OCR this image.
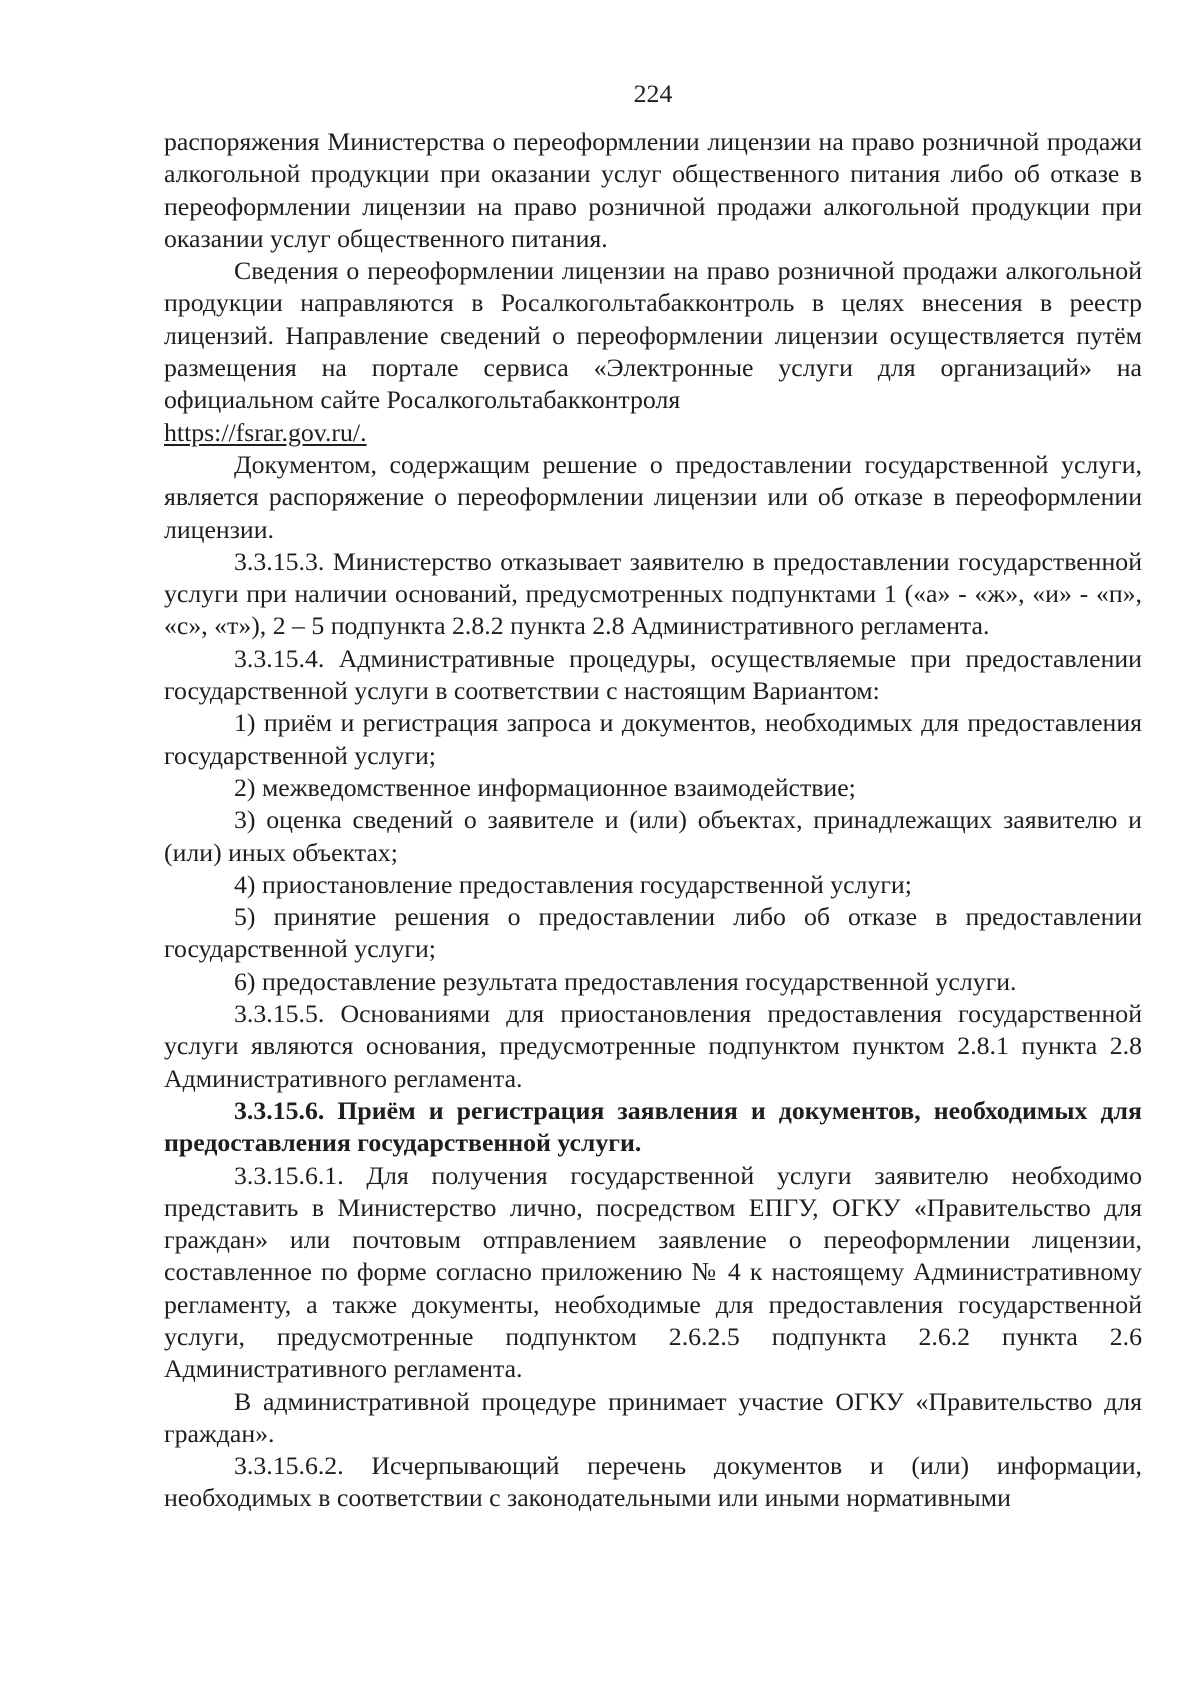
224

распоряжения Министерства о переоформлении лицензии на право розничной продажи алкогольной продукции при оказании услуг общественного питания либо об отказе в переоформлении лицензии на право розничной продажи алкогольной продукции при оказании услуг общественного питания.

Сведения о переоформлении лицензии на право розничной продажи алкогольной продукции направляются в Росалкогольтабакконтроль в целях внесения в реестр лицензий. Направление сведений о переоформлении лицензии осуществляется путём размещения на портале сервиса «Электронные услуги для организаций» на официальном сайте Росалкогольтабакконтроля

https://fsrar.gov.ru/.

Документом, содержащим решение о предоставлении государственной услуги, является распоряжение о переоформлении лицензии или об отказе в переоформлении лицензии.

3.3.15.3. Министерство отказывает заявителю в предоставлении государственной услуги при наличии оснований, предусмотренных подпунктами 1 («а» - «ж», «и» - «п», «с», «т»), 2 – 5 подпункта 2.8.2 пункта 2.8 Административного регламента.

3.3.15.4. Административные процедуры, осуществляемые при предоставлении государственной услуги в соответствии с настоящим Вариантом:

1) приём и регистрация запроса и документов, необходимых для предоставления государственной услуги;

2) межведомственное информационное взаимодействие;

3) оценка сведений о заявителе и (или) объектах, принадлежащих заявителю и (или) иных объектах;

4) приостановление предоставления государственной услуги;

5) принятие решения о предоставлении либо об отказе в предоставлении государственной услуги;

6) предоставление результата предоставления государственной услуги.

3.3.15.5. Основаниями для приостановления предоставления государственной услуги являются основания, предусмотренные подпунктом пунктом 2.8.1 пункта 2.8 Административного регламента.

3.3.15.6. Приём и регистрация заявления и документов, необходимых для предоставления государственной услуги.

3.3.15.6.1. Для получения государственной услуги заявителю необходимо представить в Министерство лично, посредством ЕПГУ, ОГКУ «Правительство для граждан» или почтовым отправлением заявление о переоформлении лицензии, составленное по форме согласно приложению № 4 к настоящему Административному регламенту, а также документы, необходимые для предоставления государственной услуги, предусмотренные подпунктом 2.6.2.5 подпункта 2.6.2 пункта 2.6 Административного регламента.

В административной процедуре принимает участие ОГКУ «Правительство для граждан».

3.3.15.6.2. Исчерпывающий перечень документов и (или) информации, необходимых в соответствии с законодательными или иными нормативными
